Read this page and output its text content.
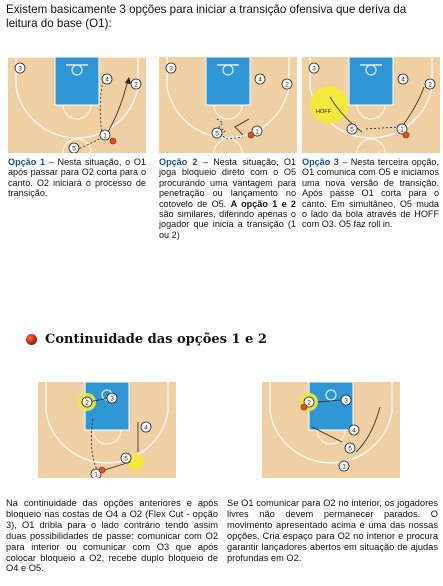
Existem basicamente 3 opções para iniciar a transição ofensiva que deriva da leitura do base (O1):
3
4
2
5
1
3
4
2
5	1
3
4
2
5	1
HOFF
Opção 1 – Nesta situação, o O1 após passar para O2 corta para o canto. O2 iniciará o processo de transição.
Opção 2 – Nesta situação, O1 joga bloqueio direto com o O5 procurando uma vantagem para penetração ou lançamento no cotovelo de O5. A opção 1 e 2 são similares, diferindo apenas o jogador que inicia a transição (1 ou 2)
Opção 3 – Nesta terceira opção, O1 comunica com O5 e iniciamos uma nova versão de transição. Após passe O1 corta para o canto. Em simultâneo, O5 muda o lado da bola através de HOFF com O3. O5 faz roll in.
Continuidade das opções 1 e 2
2
3
4
5
1
2	3
4
5
1
Na continuidade das opções anteriores e após bloqueio nas costas de O4 a O2 (Flex Cut - opção 3), O1 dribla para o lado contrário tendo assim duas possibilidades de passe: comunicar com O2 para interior ou comunicar com O3 que após colocar bloqueio a O2, recebe duplo bloqueio de O4 e O5.
Se O1 comunicar para O2 no interior, os jogadores livres não devem permanecer parados. O movimento apresentado acima é uma das nossas opções. Cria espaço para O2 no interior e procura garantir lançadores abertos em situação de ajudas profundas em O2.
